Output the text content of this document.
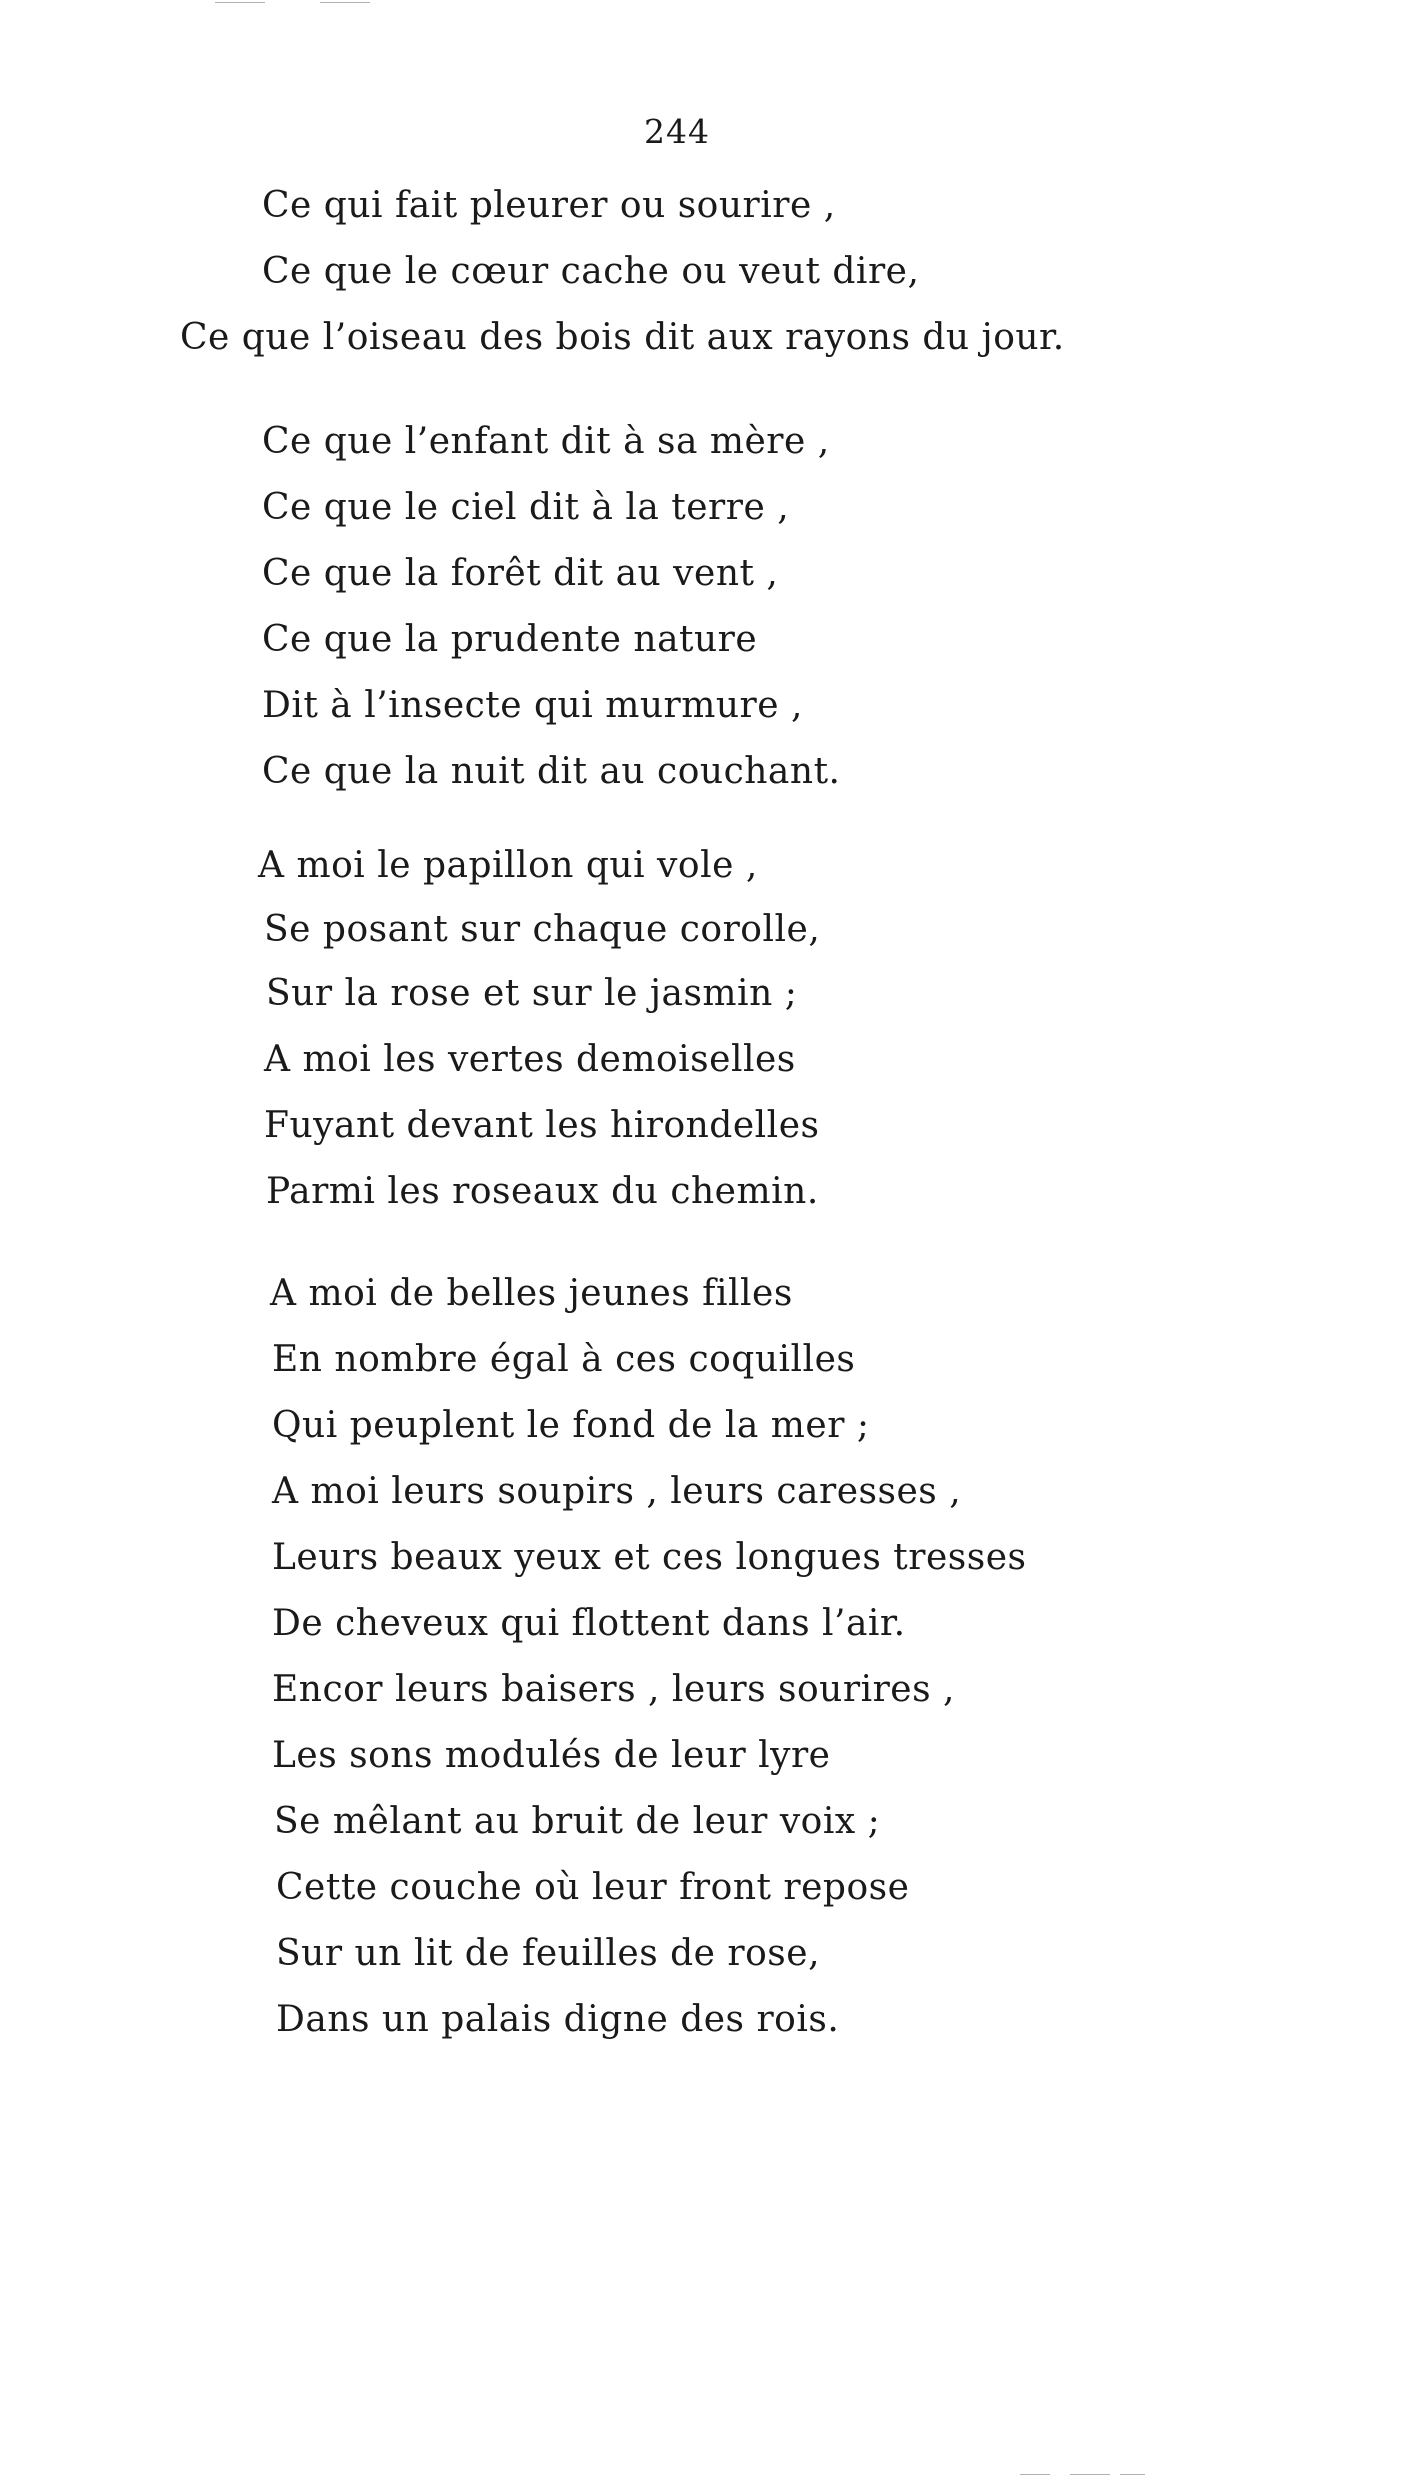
244
Ce qui fait pleurer ou sourire ,
Ce que le cœur cache ou veut dire,
Ce que l’oiseau des bois dit aux rayons du jour.
Ce que l’enfant dit à sa mère ,
Ce que le ciel dit à la terre ,
Ce que la forêt dit au vent ,
Ce que la prudente nature
Dit à l’insecte qui murmure ,
Ce que la nuit dit au couchant.
A moi le papillon qui vole ,
Se posant sur chaque corolle,
Sur la rose et sur le jasmin ;
A moi les vertes demoiselles
Fuyant devant les hirondelles
Parmi les roseaux du chemin.
A moi de belles jeunes filles
En nombre égal à ces coquilles
Qui peuplent le fond de la mer ;
A moi leurs soupirs , leurs caresses ,
Leurs beaux yeux et ces longues tresses
De cheveux qui flottent dans l’air.
Encor leurs baisers , leurs sourires ,
Les sons modulés de leur lyre
Se mêlant au bruit de leur voix ;
Cette couche où leur front repose
Sur un lit de feuilles de rose,
Dans un palais digne des rois.
